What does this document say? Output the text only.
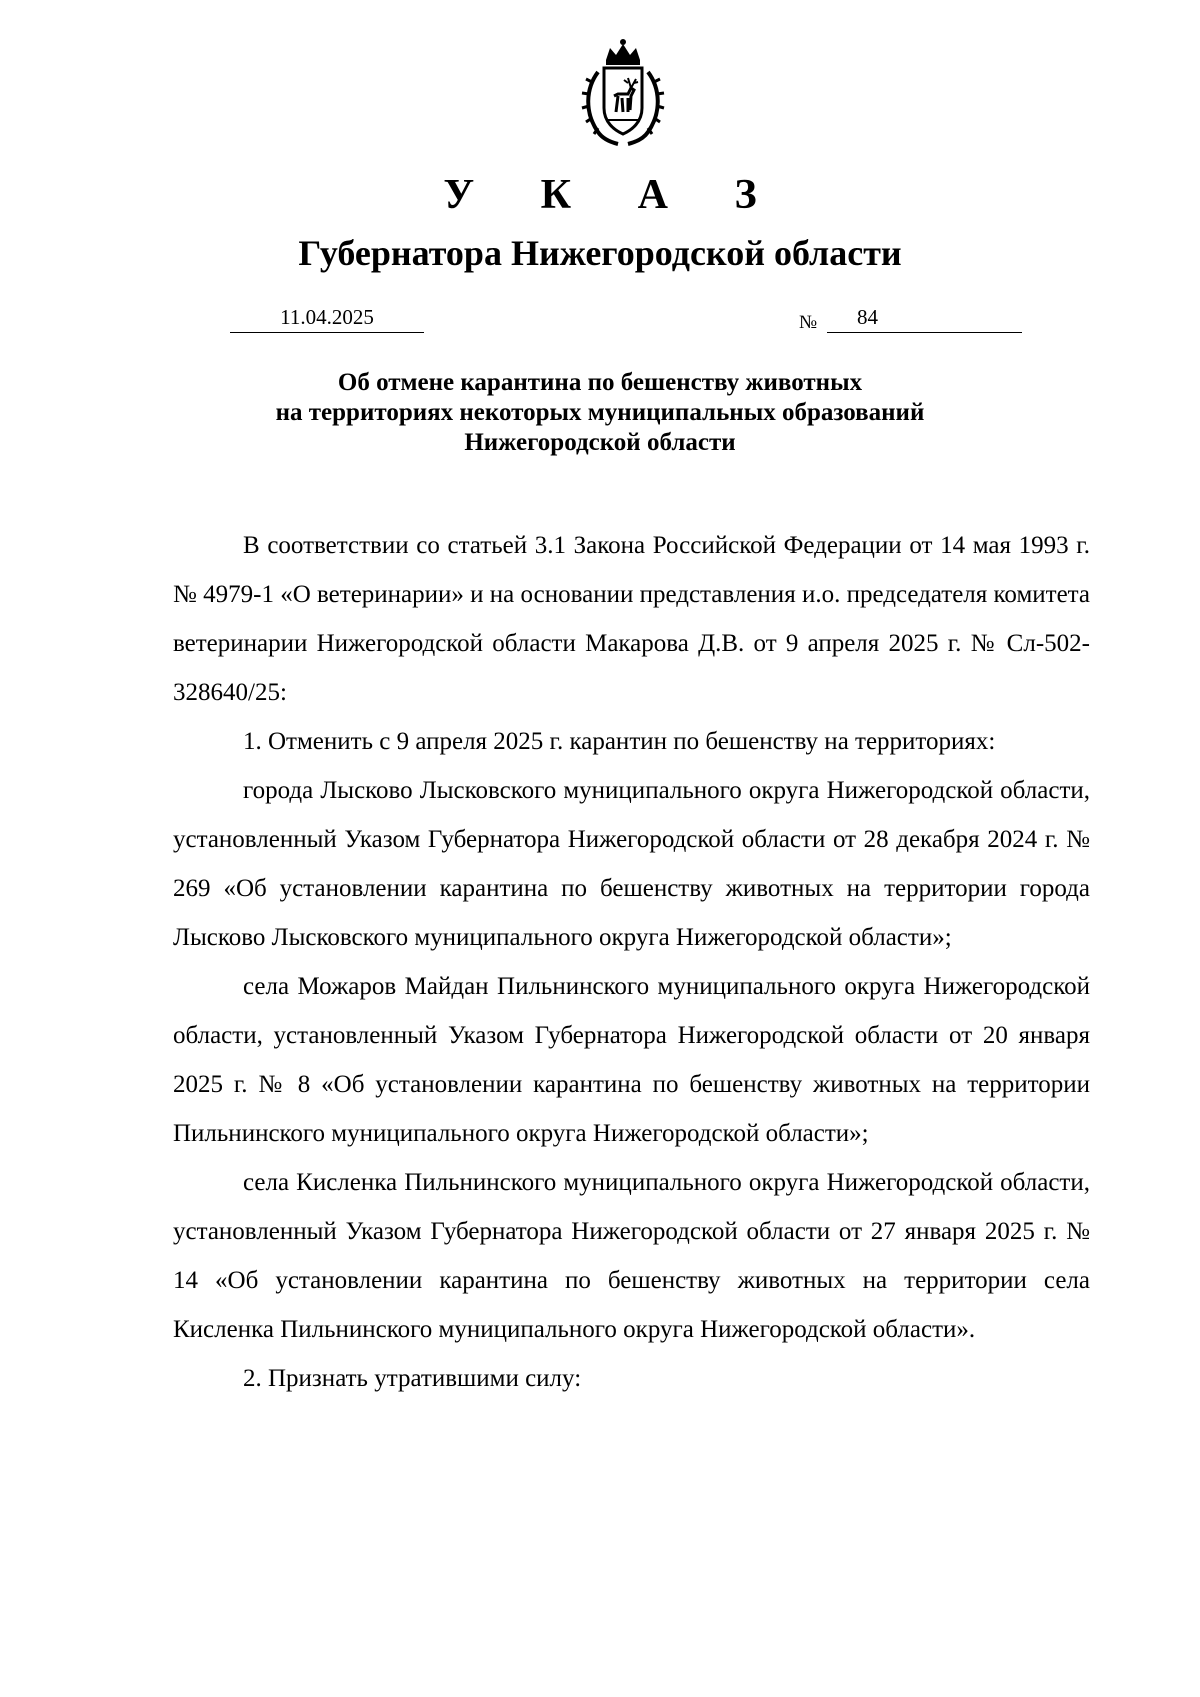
У К А З
Губернатора Нижегородской области
11.04.2025	№ 84
Об отмене карантина по бешенству животных
на территориях некоторых муниципальных образований
Нижегородской области

В соответствии со статьей 3.1 Закона Российской Федерации от 14 мая 1993 г. № 4979-1 «О ветеринарии» и на основании представления и.о. председателя комитета ветеринарии Нижегородской области Макарова Д.В. от 9 апреля 2025 г. № Сл-502-328640/25:

1. Отменить с 9 апреля 2025 г. карантин по бешенству на территориях:

города Лысково Лысковского муниципального округа Нижегородской области, установленный Указом Губернатора Нижегородской области от 28 декабря 2024 г. № 269 «Об установлении карантина по бешенству животных на территории города Лысково Лысковского муниципального округа Нижегородской области»;

села Можаров Майдан Пильнинского муниципального округа Нижегородской области, установленный Указом Губернатора Нижегородской области от 20 января 2025 г. № 8 «Об установлении карантина по бешенству животных на территории Пильнинского муниципального округа Нижегородской области»;

села Кисленка Пильнинского муниципального округа Нижегородской области, установленный Указом Губернатора Нижегородской области от 27 января 2025 г. № 14 «Об установлении карантина по бешенству животных на территории села Кисленка Пильнинского муниципального округа Нижегородской области».

2. Признать утратившими силу:
